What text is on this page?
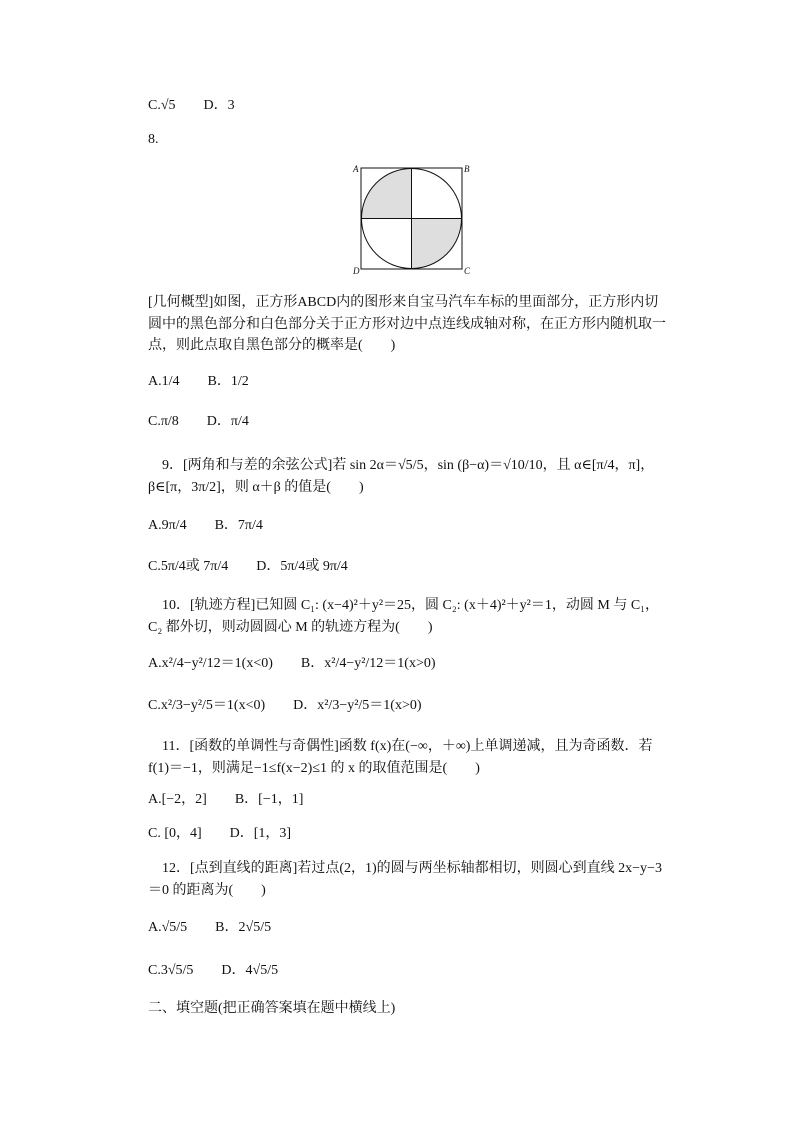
C.√5  D．3
8.
A	B
C
D
[几何概型]如图，正方形ABCD内的图形来自宝马汽车车标的里面部分，正方形内切圆中的黑色部分和白色部分关于正方形对边中点连线成轴对称，在正方形内随机取一点，则此点取自黑色部分的概率是(　　)
A.1/4  B．1/2
C.π/8  D．π/4
9．[两角和与差的余弦公式]若 sin 2α＝√5/5，sin (β−α)＝√10/10，且 α∈[π/4，π]，β∈[π，3π/2]，则 α＋β 的值是(　　)
A.9π/4  B．7π/4
C.5π/4或 7π/4  D．5π/4或 9π/4
10．[轨迹方程]已知圆 C₁: (x−4)²＋y²＝25，圆 C₂: (x＋4)²＋y²＝1，动圆 M 与 C₁，C₂ 都外切，则动圆圆心 M 的轨迹方程为(　　)
A.x²/4−y²/12＝1(x<0)  B．x²/4−y²/12＝1(x>0)
C.x²/3−y²/5＝1(x<0)  D．x²/3−y²/5＝1(x>0)
11．[函数的单调性与奇偶性]函数 f(x)在(−∞，＋∞)上单调递减，且为奇函数．若 f(1)＝−1，则满足−1≤f(x−2)≤1 的 x 的取值范围是(　　)
A.[−2，2]  B．[−1，1]
C. [0，4]  D．[1，3]
12．[点到直线的距离]若过点(2，1)的圆与两坐标轴都相切，则圆心到直线 2x−y−3＝0 的距离为(　　)
A.√5/5  B．2√5/5
C.3√5/5  D．4√5/5
二、填空题(把正确答案填在题中横线上)
